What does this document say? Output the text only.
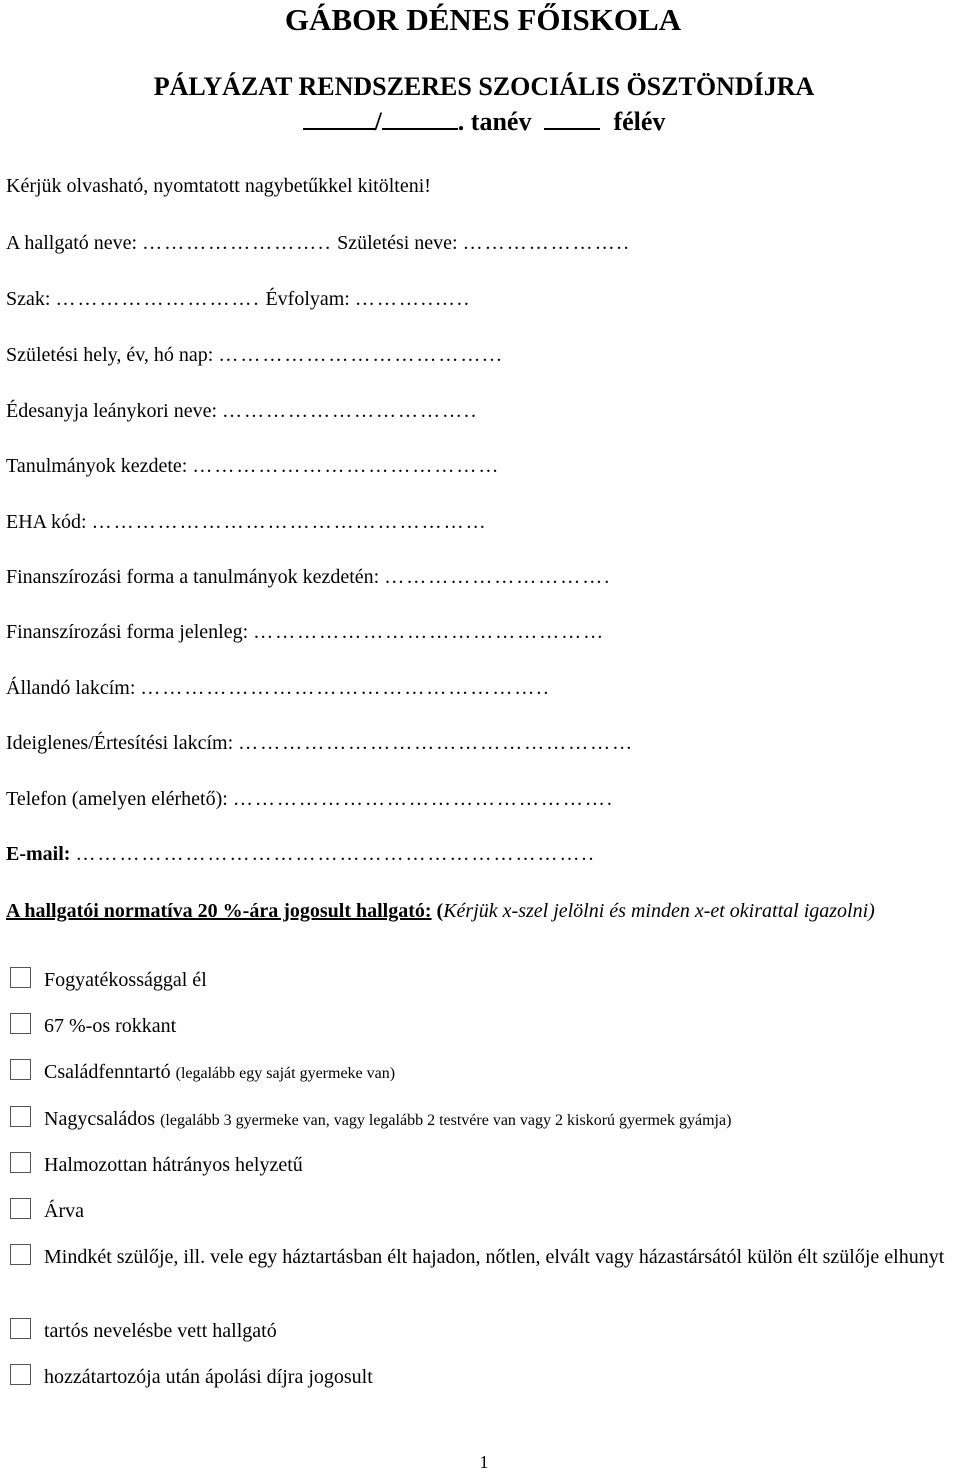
GÁBOR DÉNES FŐISKOLA
PÁLYÁZAT RENDSZERES SZOCIÁLIS ÖSZTÖNDÍJRA
/	. tanév	félév
Kérjük olvasható, nyomtatott nagybetűkkel kitölteni!
A hallgató neve: …………………….. Születési neve: …………………..
Szak: ………………………. Évfolyam: ………..…..
Születési hely, év, hó nap: ………………………………...
Édesanyja leánykori neve: ……………………………..
Tanulmányok kezdete: ……………………………………
EHA kód: ………………………………………………
Finanszírozási forma a tanulmányok kezdetén: ………………………….
Finanszírozási forma jelenleg: …………………………………………
Állandó lakcím: ………………………………………………..
Ideiglenes/Értesítési lakcím: ………………………………………………
Telefon (amelyen elérhető): …………………………………………….
E-mail: ……………………………………………………………..
A hallgatói normatíva 20 %-ára jogosult hallgató: (Kérjük x-szel jelölni és minden x-et okirattal igazolni)
Fogyatékossággal él
67 %-os rokkant
Családfenntartó (legalább egy saját gyermeke van)
Nagycsaládos (legalább 3 gyermeke van, vagy legalább 2 testvére van vagy 2 kiskorú gyermek gyámja)
Halmozottan hátrányos helyzetű
Árva
Mindkét szülője, ill. vele egy háztartásban élt hajadon, nőtlen, elvált vagy házastársától külön élt szülője elhunyt
tartós nevelésbe vett hallgató
hozzátartozója után ápolási díjra jogosult
1
